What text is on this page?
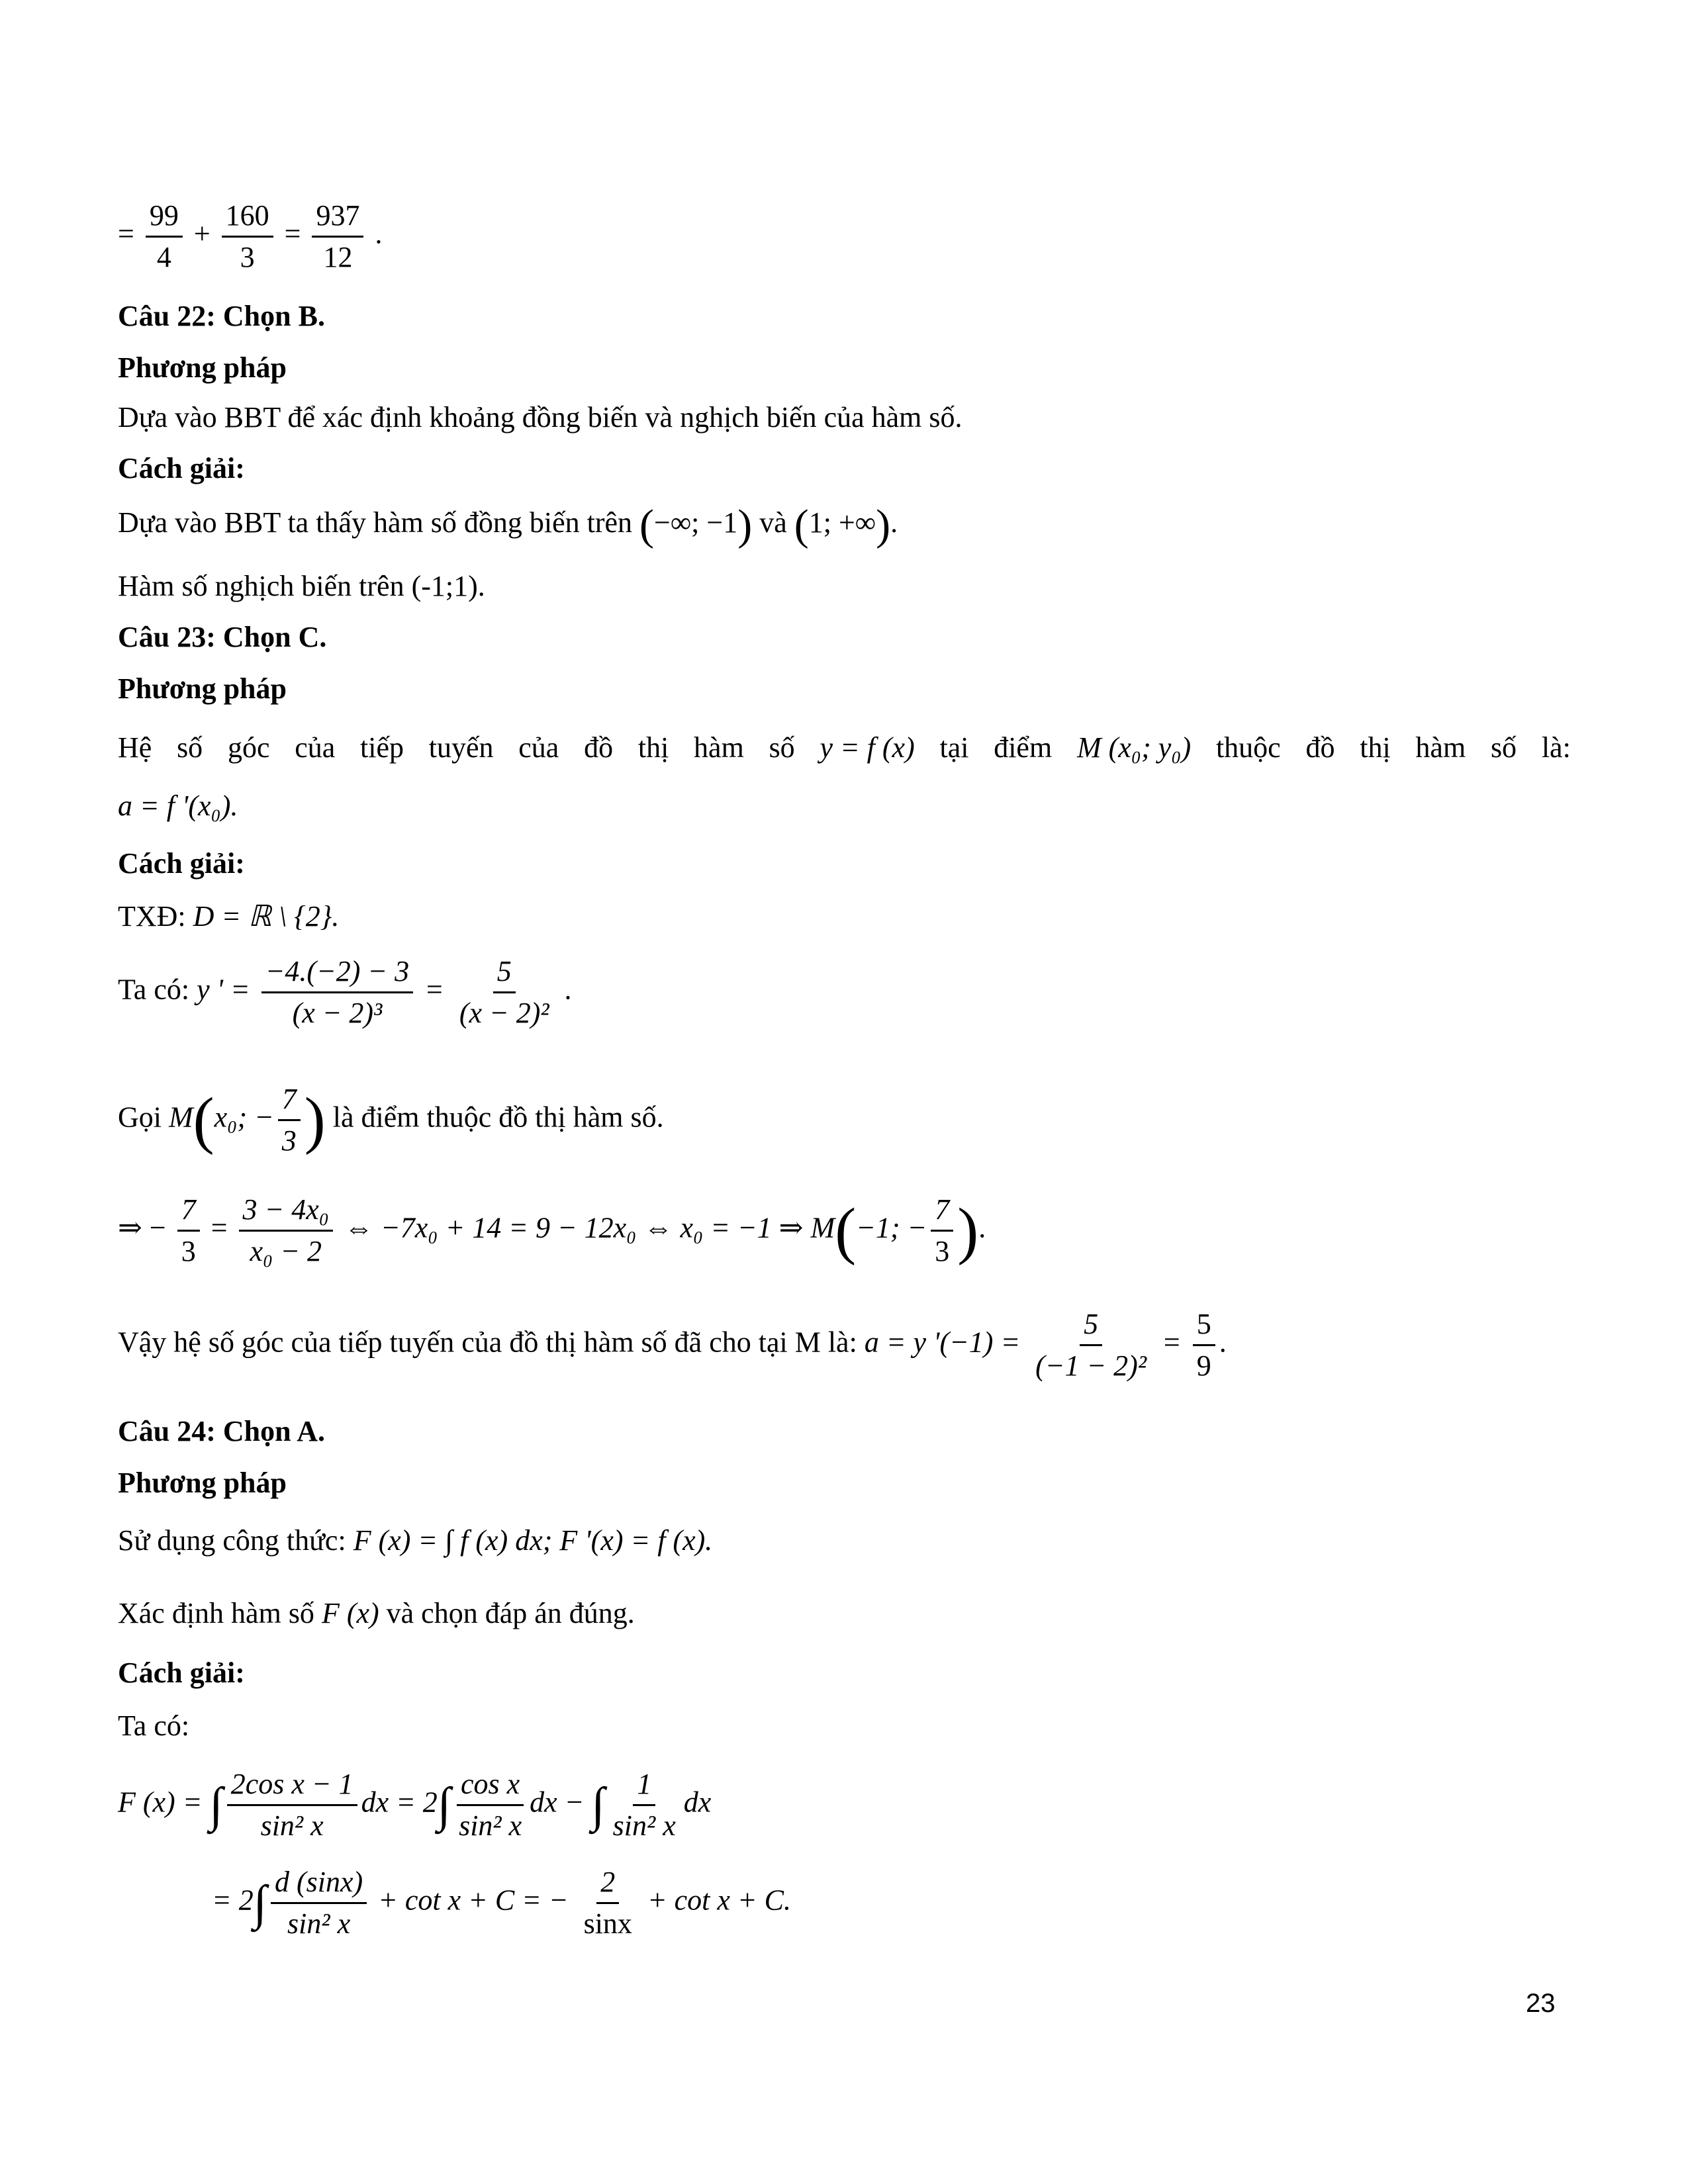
= $\frac{99}{4} + \frac{160}{3} = \frac{937}{12}$ .
Câu 22: Chọn B.
Phương pháp
Dựa vào BBT để xác định khoảng đồng biến và nghịch biến của hàm số.
Cách giải:
Dựa vào BBT ta thấy hàm số đồng biến trên (−∞; −1) và (1; +∞).
Hàm số nghịch biến trên (-1;1).
Câu 23: Chọn C.
Phương pháp
Hệ số góc của tiếp tuyến của đồ thị hàm số y = f (x) tại điểm M (x₀; y₀) thuộc đồ thị hàm số là:
a = f '(x₀).
Cách giải:
TXĐ: D = ℝ \ {2}.
Ta có: y ' = $\frac{-4.(-2) - 3}{\text{(x − 2)³}} = \frac{5}{\text{(x − 2)²}}$ .
Gọi M(x₀; − $\frac{7}{3}$ ) là điểm thuộc đồ thị hàm số.
⇒ − $\frac{7}{3} = \frac{\text{3 − 4x₀}}{\text{x₀ − 2}}$ ⇔ −7x₀ + 14 = 9 − 12x₀ ⇔ x₀ = −1 ⇒ M(−1; − $\frac{7}{3}$ ).
Vậy hệ số góc của tiếp tuyến của đồ thị hàm số đã cho tại M là: a = y '$(-1) = \frac{5}{\text{(−1 − 2)²}} = \frac{5}{9}$ .
Câu 24: Chọn A.
Phương pháp
Sử dụng công thức: F (x) = ∫ f (x) dx; F '(x) = f (x).
Xác định hàm số F (x) và chọn đáp án đúng.
Cách giải:
Ta có:
F (x) = ∫ $\frac{\text{2cos x − 1}}{\text{sin² x}}$ dx = $2\int \frac{\text{cos x}}{\text{sin² x}}$ dx − ∫ $\frac{1}{\text{sin² x}}$ dx
= $2\int \frac{d (\sin x)}{\text{sin² x}} + \cot x + C$ = − $\frac{2}{\sin x} + \cot x + C$.
23
